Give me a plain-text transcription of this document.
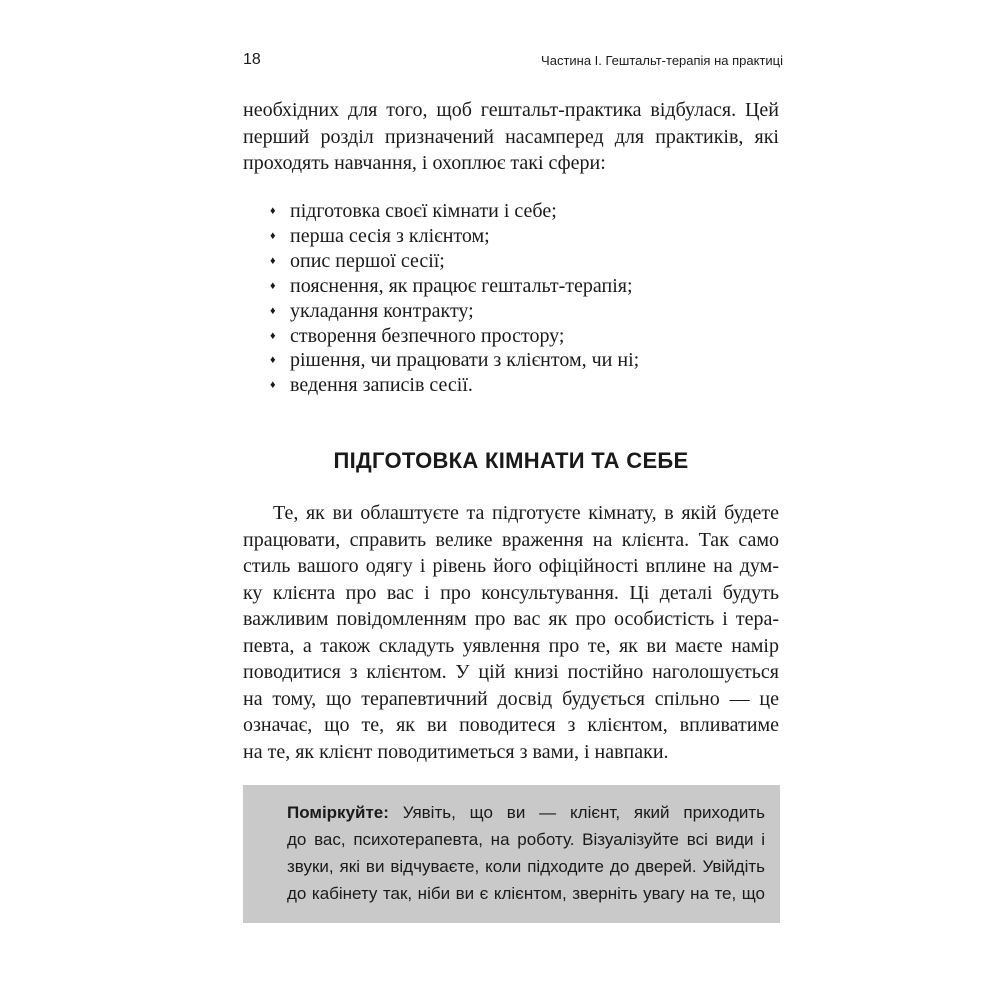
18	Частина І. Гештальт-терапія на практиці
необхідних для того, щоб гештальт-практика відбулася. Цей
перший розділ призначений насамперед для практиків, які
проходять навчання, і охоплює такі сфери:
♦ підготовка своєї кімнати і себе;
♦ перша сесія з клієнтом;
♦ опис першої сесії;
♦ пояснення, як працює гештальт-терапія;
♦ укладання контракту;
♦ створення безпечного простору;
♦ рішення, чи працювати з клієнтом, чи ні;
♦ ведення записів сесії.
ПІДГОТОВКА КІМНАТИ ТА СЕБЕ
Те, як ви облаштуєте та підготуєте кімнату, в якій будете
працювати, справить велике враження на клієнта. Так само
стиль вашого одягу і рівень його офіційності вплине на дум-
ку клієнта про вас і про консультування. Ці деталі будуть
важливим повідомленням про вас як про особистість і тера-
певта, а також складуть уявлення про те, як ви маєте намір
поводитися з клієнтом. У цій книзі постійно наголошується
на тому, що терапевтичний досвід будується спільно — це
означає, що те, як ви поводитеся з клієнтом, впливатиме
на те, як клієнт поводитиметься з вами, і навпаки.
Поміркуйте: Уявіть, що ви — клієнт, який приходить
до вас, психотерапевта, на роботу. Візуалізуйте всі види і
звуки, які ви відчуваєте, коли підходите до дверей. Увійдіть
до кабінету так, ніби ви є клієнтом, зверніть увагу на те, що
